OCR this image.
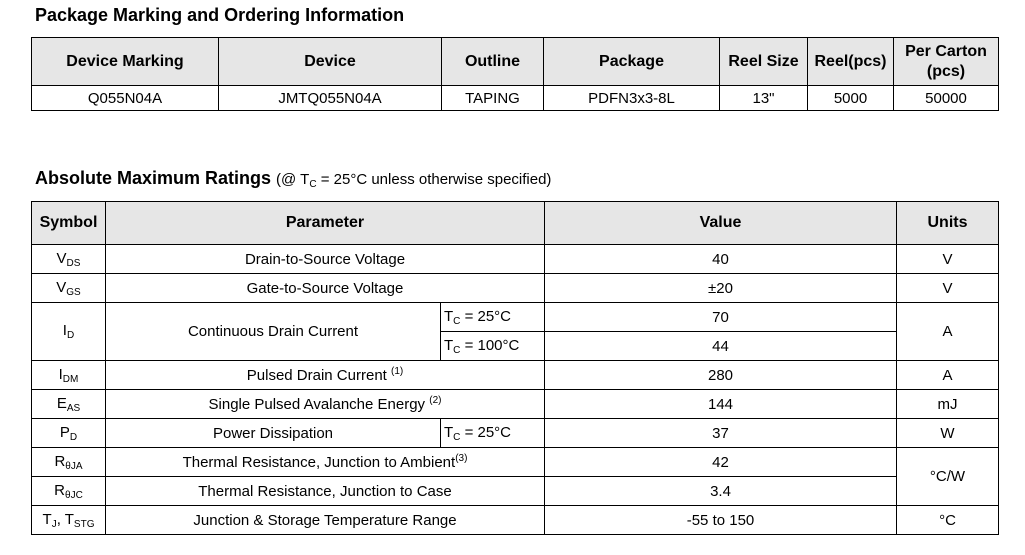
Package Marking and Ordering Information
Device Marking	Device	Outline	Package	Reel Size	Reel(pcs)	Per Carton (pcs)
Q055N04A	JMTQ055N04A	TAPING	PDFN3x3-8L	13"	5000	50000
Absolute Maximum Ratings (@ $T_C = 25^\circ C$ unless otherwise specified)
Symbol	Parameter		Value	Units
$V_{DS}$	Drain-to-Source Voltage		40	V
$V_{GS}$	Gate-to-Source Voltage		±20	V
$I_D$	Continuous Drain Current	$T_C = 25^\circ C$	70	A
		$T_C = 100^\circ C$	44	
$I_{DM}$	Pulsed Drain Current $^{(1)}$		280	A
$E_{AS}$	Single Pulsed Avalanche Energy $^{(2)}$		144	mJ
$P_D$	Power Dissipation	$T_C = 25^\circ C$	37	W
$R_{\theta JA}$	Thermal Resistance, Junction to Ambient$^{(3)}$		42	°C/W
$R_{\theta JC}$	Thermal Resistance, Junction to Case		3.4	
$T_J$, $T_{STG}$	Junction & Storage Temperature Range		-55 to 150	°C
